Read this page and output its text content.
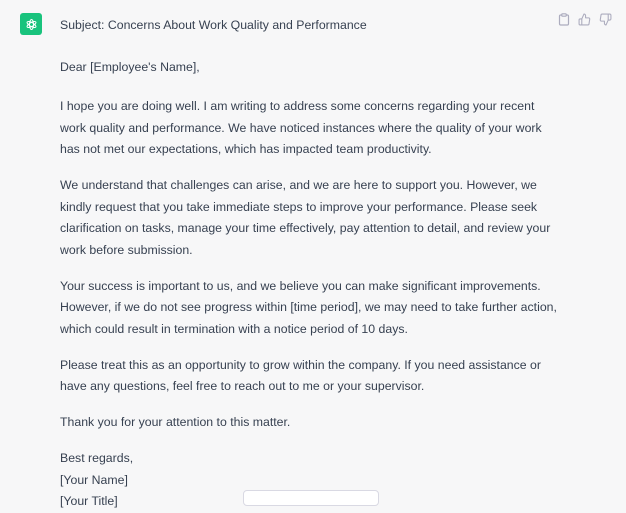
Subject: Concerns About Work Quality and Performance

Dear [Employee's Name],

I hope you are doing well. I am writing to address some concerns regarding your recent work quality and performance. We have noticed instances where the quality of your work has not met our expectations, which has impacted team productivity.

We understand that challenges can arise, and we are here to support you. However, we kindly request that you take immediate steps to improve your performance. Please seek clarification on tasks, manage your time effectively, pay attention to detail, and review your work before submission.

Your success is important to us, and we believe you can make significant improvements. However, if we do not see progress within [time period], we may need to take further action, which could result in termination with a notice period of 10 days.

Please treat this as an opportunity to grow within the company. If you need assistance or have any questions, feel free to reach out to me or your supervisor.

Thank you for your attention to this matter.

Best regards,
[Your Name]
[Your Title]
